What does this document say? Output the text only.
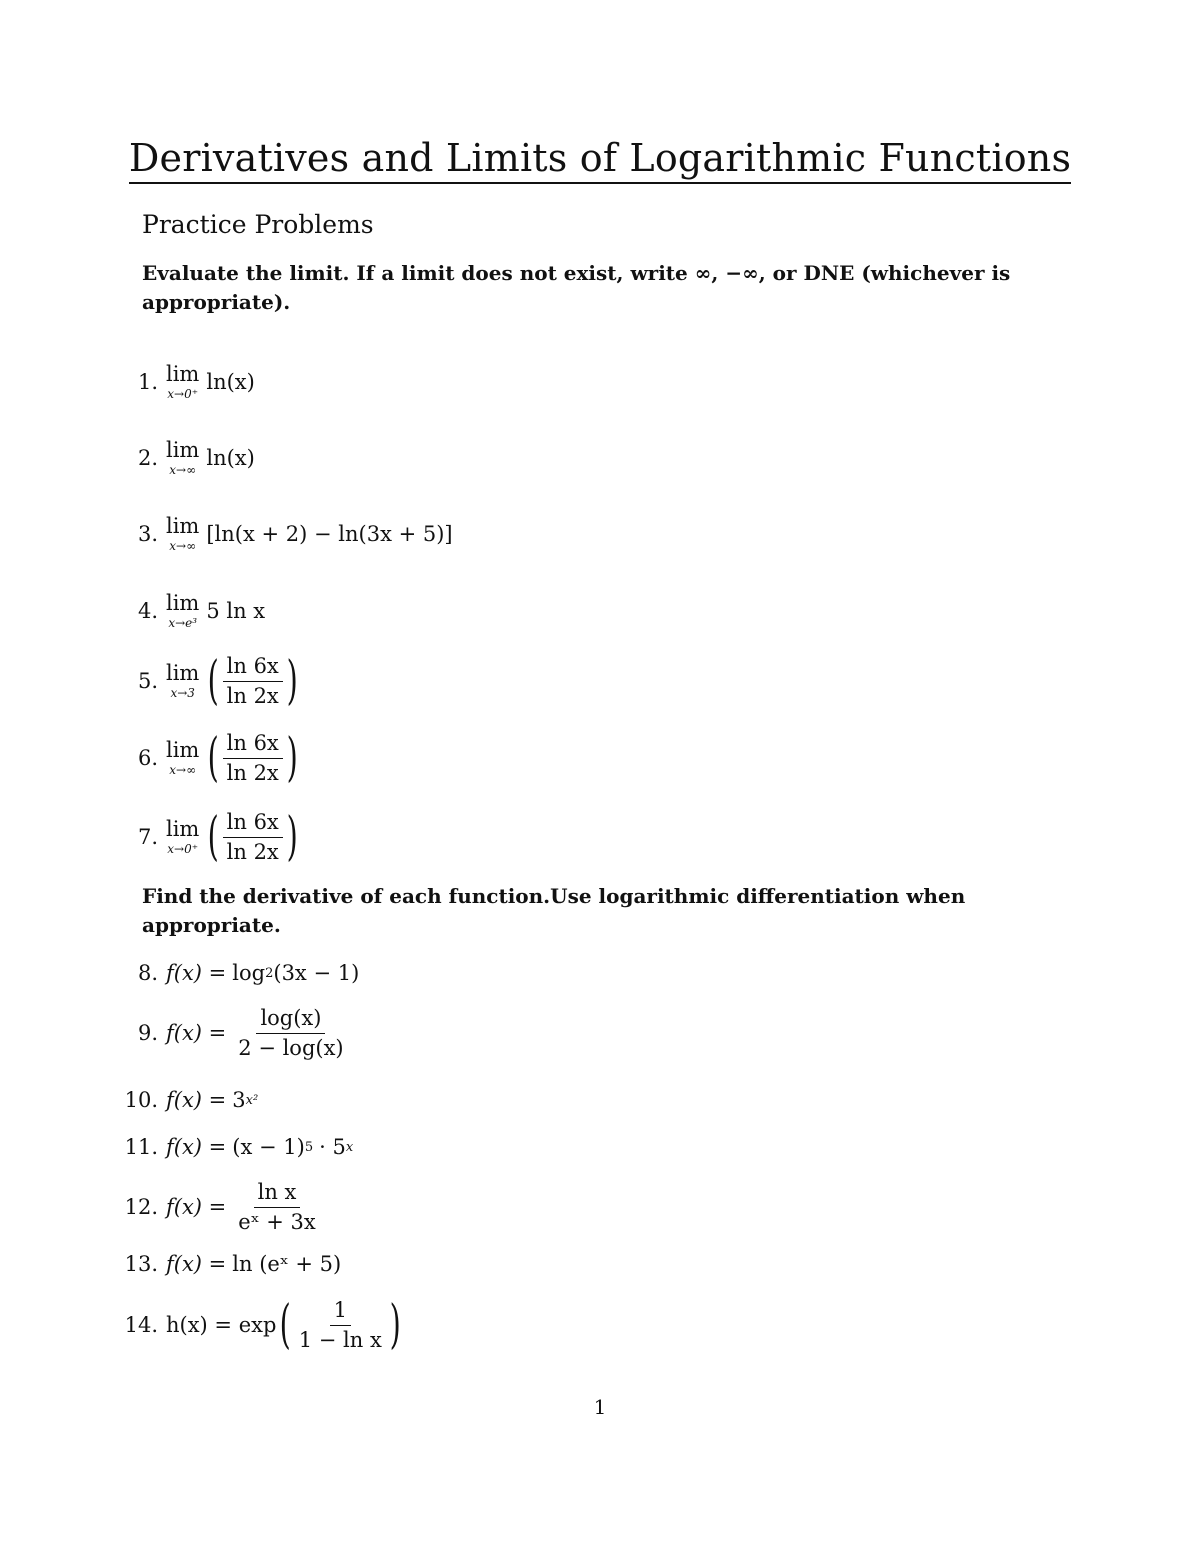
Derivatives and Limits of Logarithmic Functions
Practice Problems
Evaluate the limit. If a limit does not exist, write ∞, −∞, or DNE (whichever is appropriate).
1. lim
x→0⁺ ln(x)
2. lim
x→∞ ln(x)
3. lim
x→∞ [ln(x + 2) − ln(3x + 5)]
4. lim
x→e³ 5 ln x
5. lim
x→3 ( $\frac{\ln 6x}{\ln 2x}$ )
6. lim
x→∞ ( $\frac{\ln 6x}{\ln 2x}$ )
7. lim
x→0⁺ ( $\frac{\ln 6x}{\ln 2x}$ )
Find the derivative of each function.Use logarithmic differentiation when appropriate.
8. f(x) = log 2 (3x − 1)
9. $f(x) = \frac{\log(x)}{2 - \log(x)}$
10. f(x) = 3 x²
11. f(x) = (x − 1) 5 · 5 x
12. $f(x) = \frac{\text{ln x}}{\text{eˣ + 3x}}$
13. f(x) = ln (eˣ + 5)
14. h(x) = exp ( $\frac{1}{\text{1 − ln x}}$ )
1
